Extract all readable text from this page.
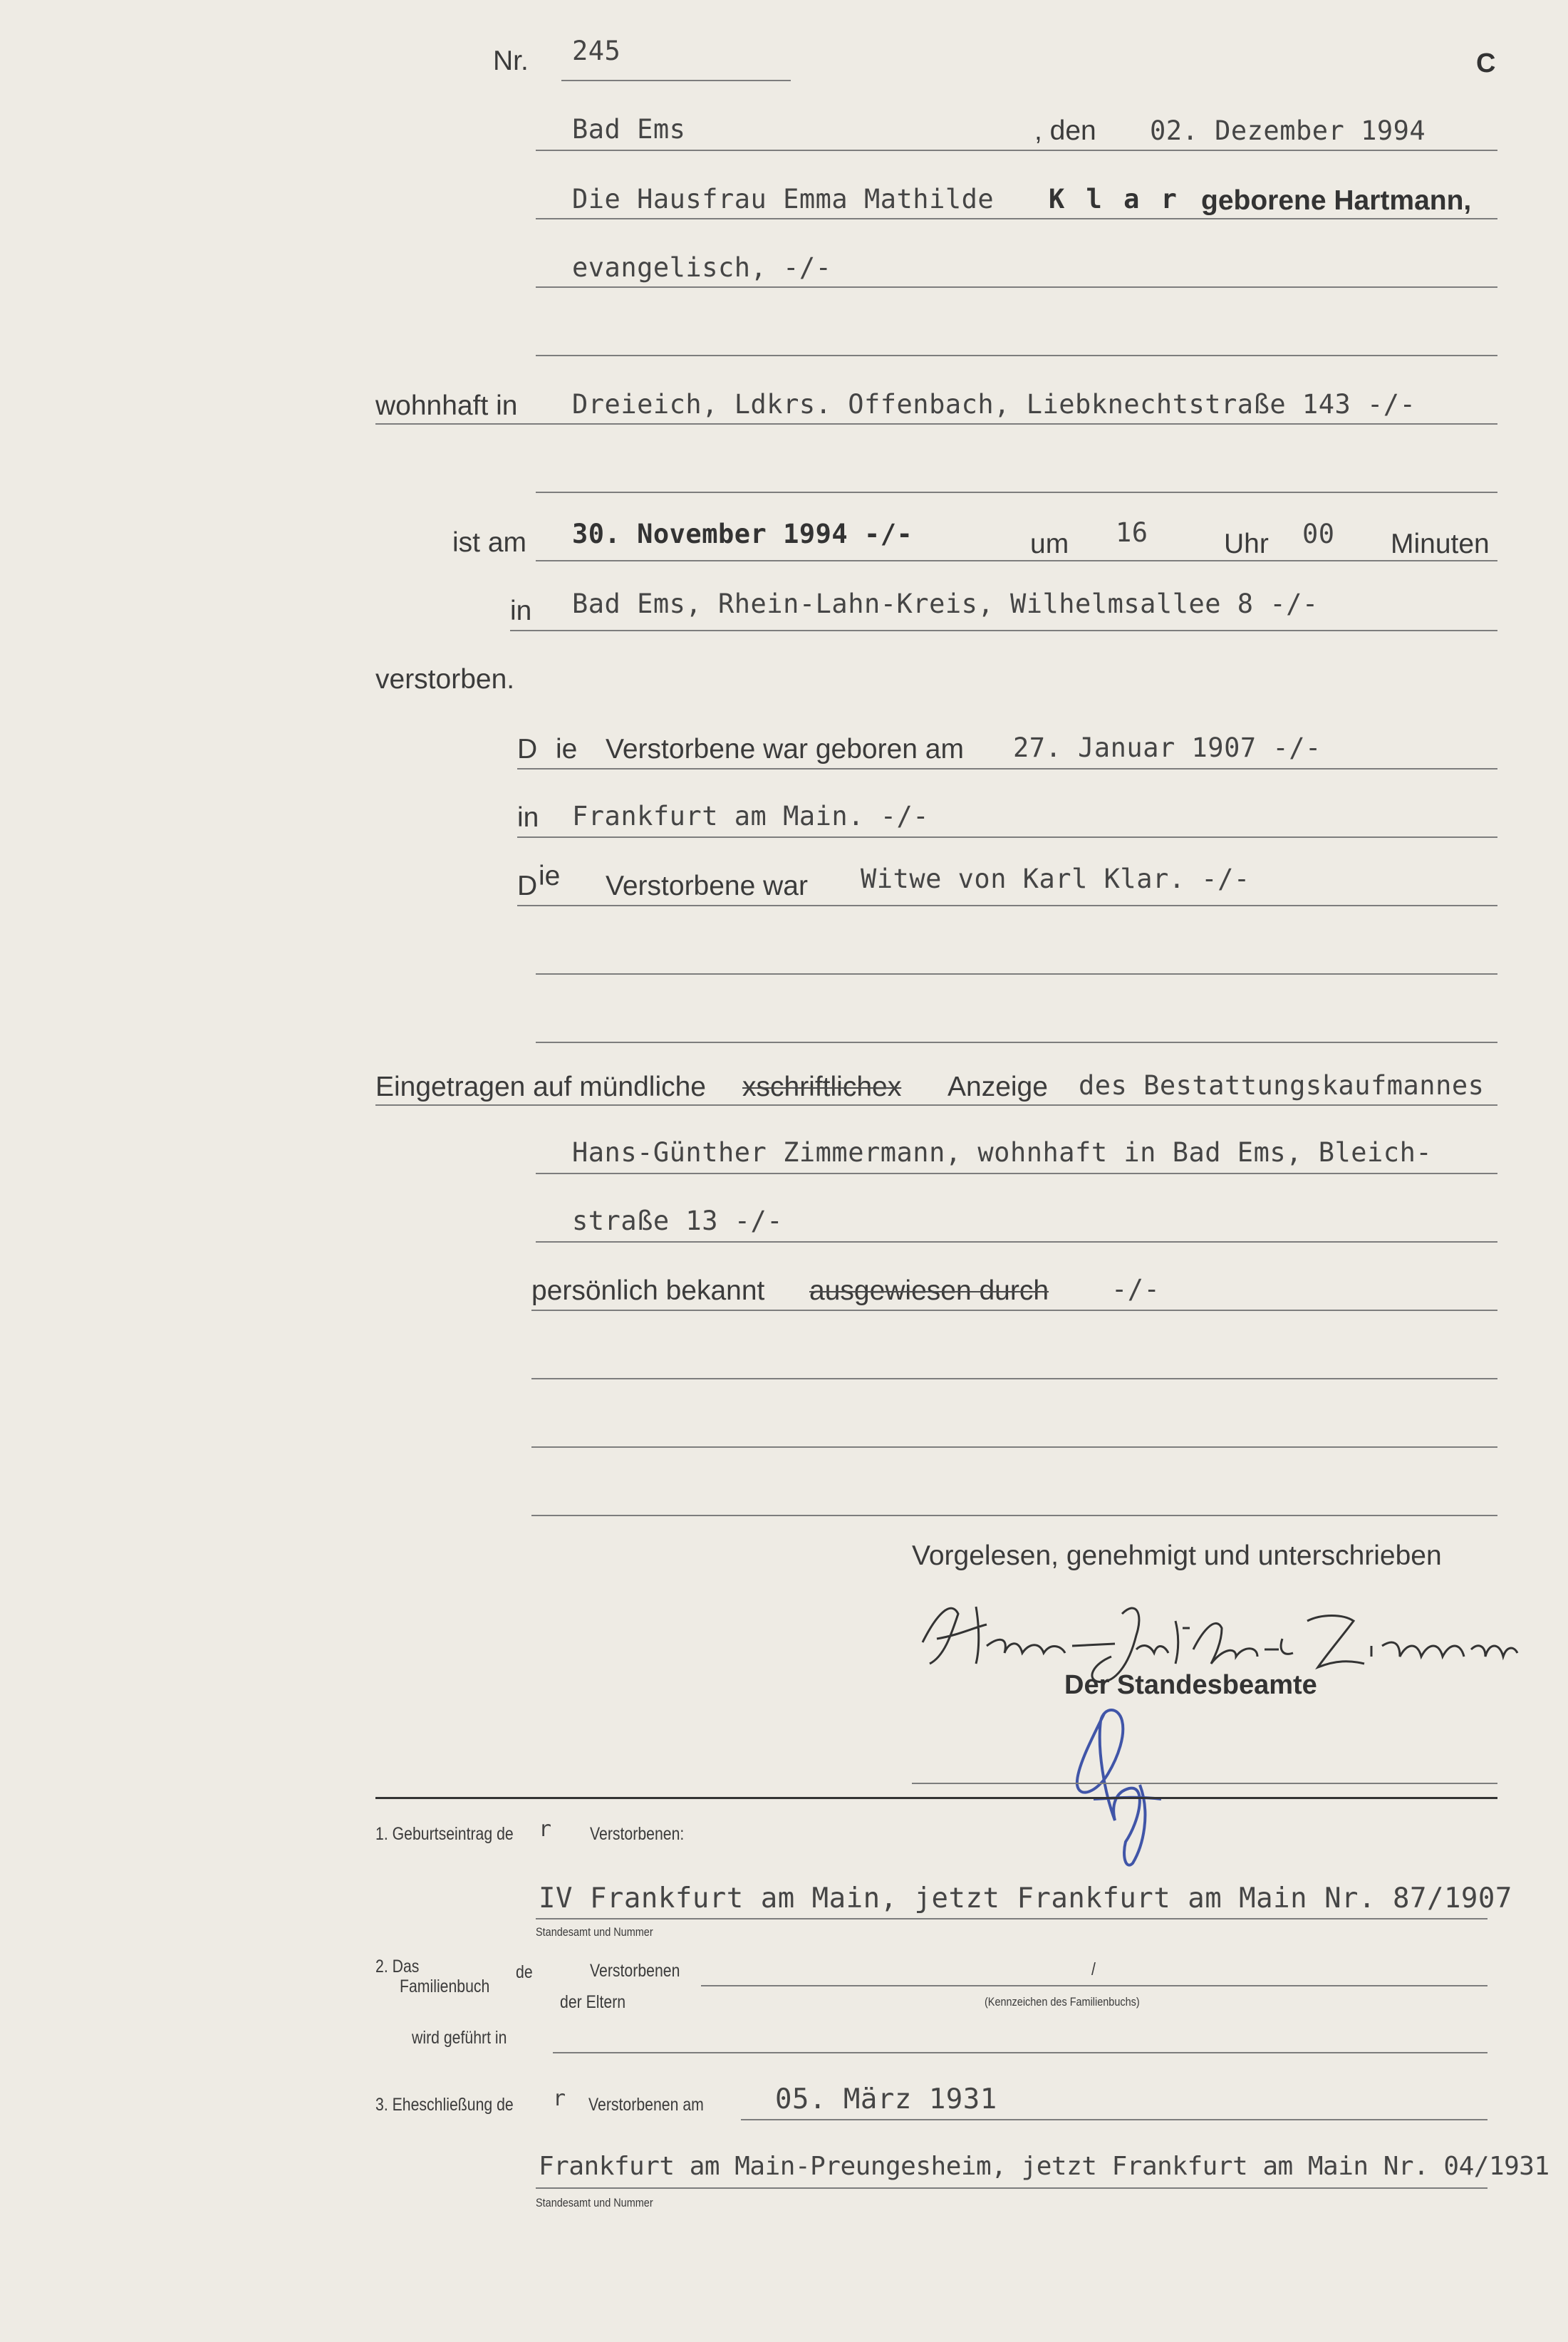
Nr. 245	C
Bad Ems	, den 02. Dezember 1994
Die Hausfrau Emma Mathilde K l a r geborene Hartmann,
evangelisch, -/-
wohnhaft in Dreieich, Ldkrs. Offenbach, Liebknechtstraße 143 -/-
ist am 30. November 1994 -/-	um 16	Uhr 00 Minuten
in Bad Ems, Rhein-Lahn-Kreis, Wilhelmsallee 8 -/-
verstorben.
D ie Verstorbene war geboren am 27. Januar 1907 -/-
in Frankfurt am Main. -/-
D ie Verstorbene war Witwe von Karl Klar. -/-
Eingetragen auf mündliche xschriftlichex Anzeige des Bestattungskaufmannes
Hans-Günther Zimmermann, wohnhaft in Bad Ems, Bleich-
straße 13 -/-
persönlich bekannt ausgewiesen durch -/-
Vorgelesen, genehmigt und unterschrieben
Der Standesbeamte
1. Geburtseintrag de r Verstorbenen:
IV Frankfurt am Main, jetzt Frankfurt am Main Nr. 87/1907
Standesamt und Nummer
2. Das
Familienbuch
de	Verstorbenen
der Eltern
/
(Kennzeichen des Familienbuchs)
wird geführt in
3. Eheschließung de r Verstorbenen am	05. März 1931
Frankfurt am Main-Preungesheim, jetzt Frankfurt am Main Nr. 04/1931
Standesamt und Nummer
